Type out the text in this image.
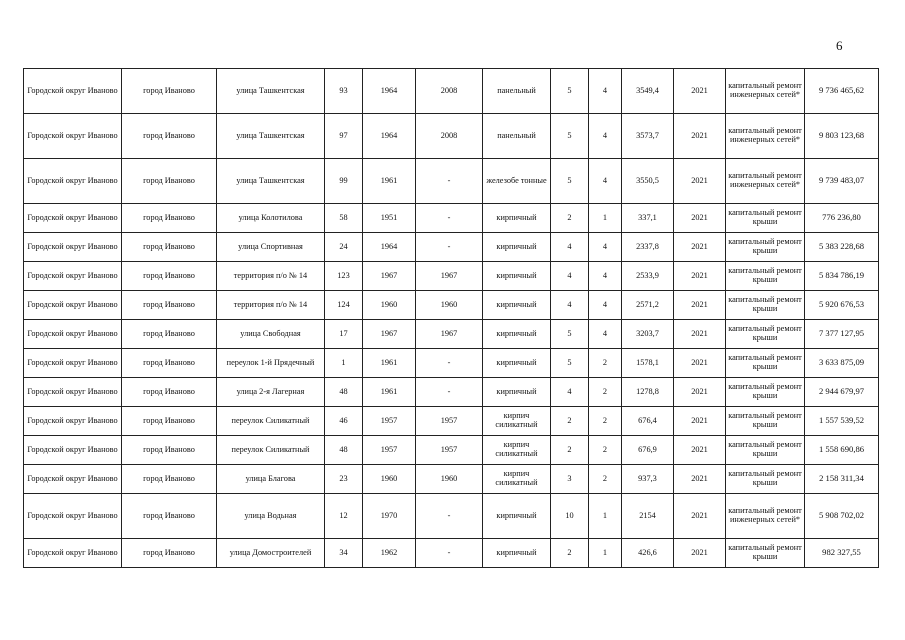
6
Городской округ Иваново	город Иваново	улица Ташкентская	93	1964	2008	панельный	5	4	3549,4	2021	капитальный ремонт инженерных сетей*	9 736 465,62
Городской округ Иваново	город Иваново	улица Ташкентская	97	1964	2008	панельный	5	4	3573,7	2021	капитальный ремонт инженерных сетей*	9 803 123,68
Городской округ Иваново	город Иваново	улица Ташкентская	99	1961	-	железобе тонные	5	4	3550,5	2021	капитальный ремонт инженерных сетей*	9 739 483,07
Городской округ Иваново	город Иваново	улица Колотилова	58	1951	-	кирпичный	2	1	337,1	2021	капитальный ремонт крыши	776 236,80
Городской округ Иваново	город Иваново	улица Спортивная	24	1964	-	кирпичный	4	4	2337,8	2021	капитальный ремонт крыши	5 383 228,68
Городской округ Иваново	город Иваново	территория п/о № 14	123	1967	1967	кирпичный	4	4	2533,9	2021	капитальный ремонт крыши	5 834 786,19
Городской округ Иваново	город Иваново	территория п/о № 14	124	1960	1960	кирпичный	4	4	2571,2	2021	капитальный ремонт крыши	5 920 676,53
Городской округ Иваново	город Иваново	улица Свободная	17	1967	1967	кирпичный	5	4	3203,7	2021	капитальный ремонт крыши	7 377 127,95
Городской округ Иваново	город Иваново	переулок 1-й Прядечный	1	1961	-	кирпичный	5	2	1578,1	2021	капитальный ремонт крыши	3 633 875,09
Городской округ Иваново	город Иваново	улица 2-я Лагерная	48	1961	-	кирпичный	4	2	1278,8	2021	капитальный ремонт крыши	2 944 679,97
Городской округ Иваново	город Иваново	переулок Силикатный	46	1957	1957	кирпич силикатный	2	2	676,4	2021	капитальный ремонт крыши	1 557 539,52
Городской округ Иваново	город Иваново	переулок Силикатный	48	1957	1957	кирпич силикатный	2	2	676,9	2021	капитальный ремонт крыши	1 558 690,86
Городской округ Иваново	город Иваново	улица Благова	23	1960	1960	кирпич силикатный	3	2	937,3	2021	капитальный ремонт крыши	2 158 311,34
Городской округ Иваново	город Иваново	улица Водьная	12	1970	-	кирпичный	10	1	2154	2021	капитальный ремонт инженерных сетей*	5 908 702,02
Городской округ Иваново	город Иваново	улица Домостроителей	34	1962	-	кирпичный	2	1	426,6	2021	капитальный ремонт крыши	982 327,55
